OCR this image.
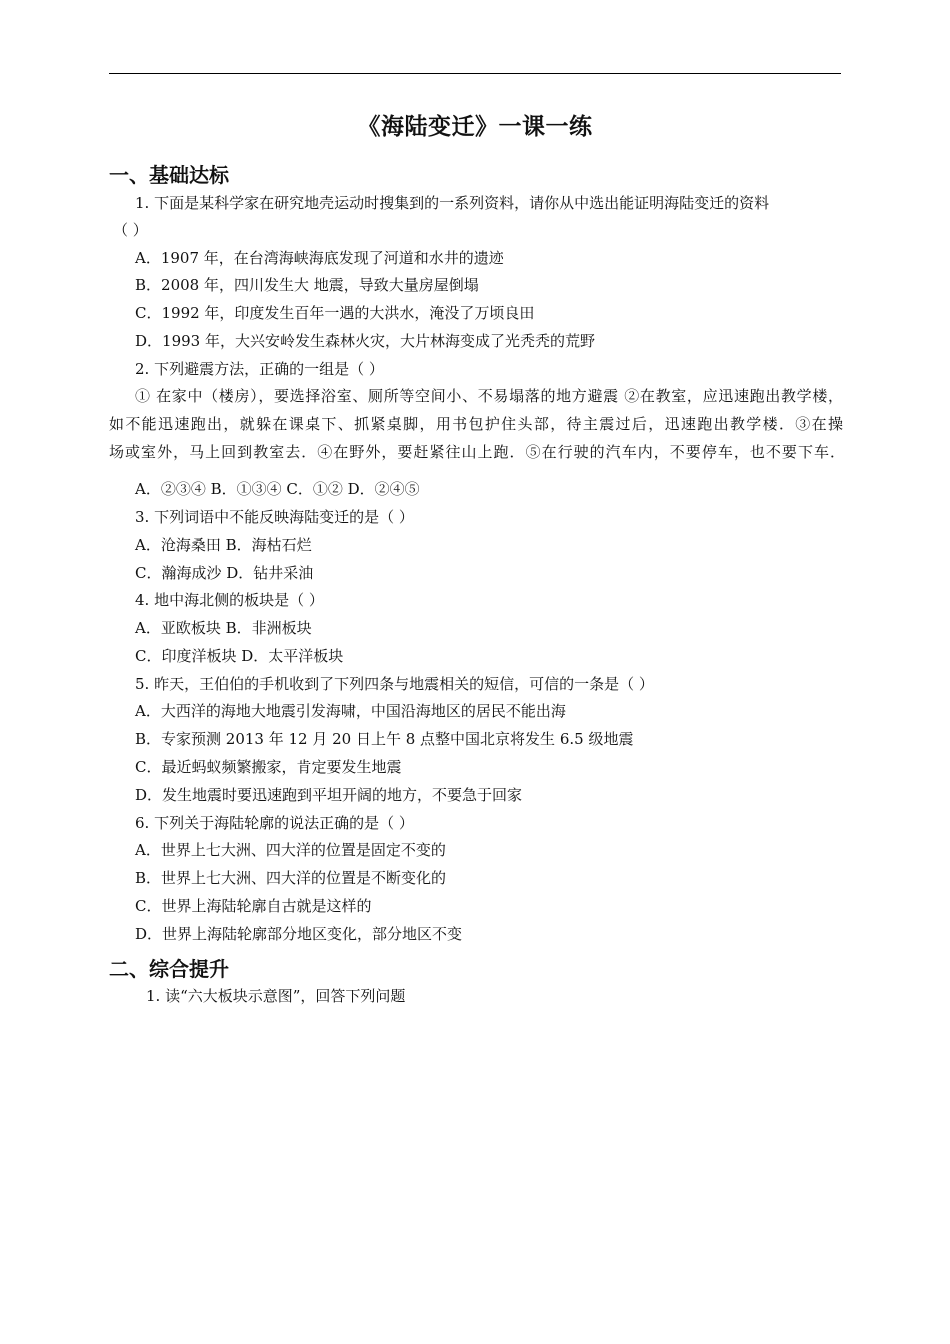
《海陆变迁》一课一练
一、基础达标
1. 下面是某科学家在研究地壳运动时搜集到的一系列资料，请你从中选出能证明海陆变迁的资料
（ ）
A．1907 年，在台湾海峡海底发现了河道和水井的遗迹
B．2008 年，四川发生大 地震，导致大量房屋倒塌
C．1992 年，印度发生百年一遇的大洪水，淹没了万顷良田
D．1993 年，大兴安岭发生森林火灾，大片林海变成了光秃秃的荒野
2. 下列避震方法，正确的一组是（ ）
① 在家中（楼房），要选择浴室、厕所等空间小、不易塌落的地方避震 ②在教室，应迅速跑出教学楼，
如不能迅速跑出，就躲在课桌下、抓紧桌脚，用书包护住头部，待主震过后，迅速跑出教学楼．③在操
场或室外，马上回到教室去．④在野外，要赶紧往山上跑．⑤在行驶的汽车内，不要停车，也不要下车．
A．②③④ B．①③④ C．①② D．②④⑤
3. 下列词语中不能反映海陆变迁的是（ ）
A．沧海桑田 B．海枯石烂
C．瀚海成沙 D．钻井采油
4. 地中海北侧的板块是（ ）
A．亚欧板块 B．非洲板块
C．印度洋板块 D．太平洋板块
5. 昨天，王伯伯的手机收到了下列四条与地震相关的短信，可信的一条是（ ）
A．大西洋的海地大地震引发海啸，中国沿海地区的居民不能出海
B．专家预测 2013 年 12 月 20 日上午 8 点整中国北京将发生 6.5 级地震
C．最近蚂蚁频繁搬家，肯定要发生地震
D．发生地震时要迅速跑到平坦开阔的地方，不要急于回家
6. 下列关于海陆轮廓的说法正确的是（ ）
A．世界上七大洲、四大洋的位置是固定不变的
B．世界上七大洲、四大洋的位置是不断变化的
C．世界上海陆轮廓自古就是这样的
D．世界上海陆轮廓部分地区变化，部分地区不变
二、综合提升
1. 读“六大板块示意图”，回答下列问题
